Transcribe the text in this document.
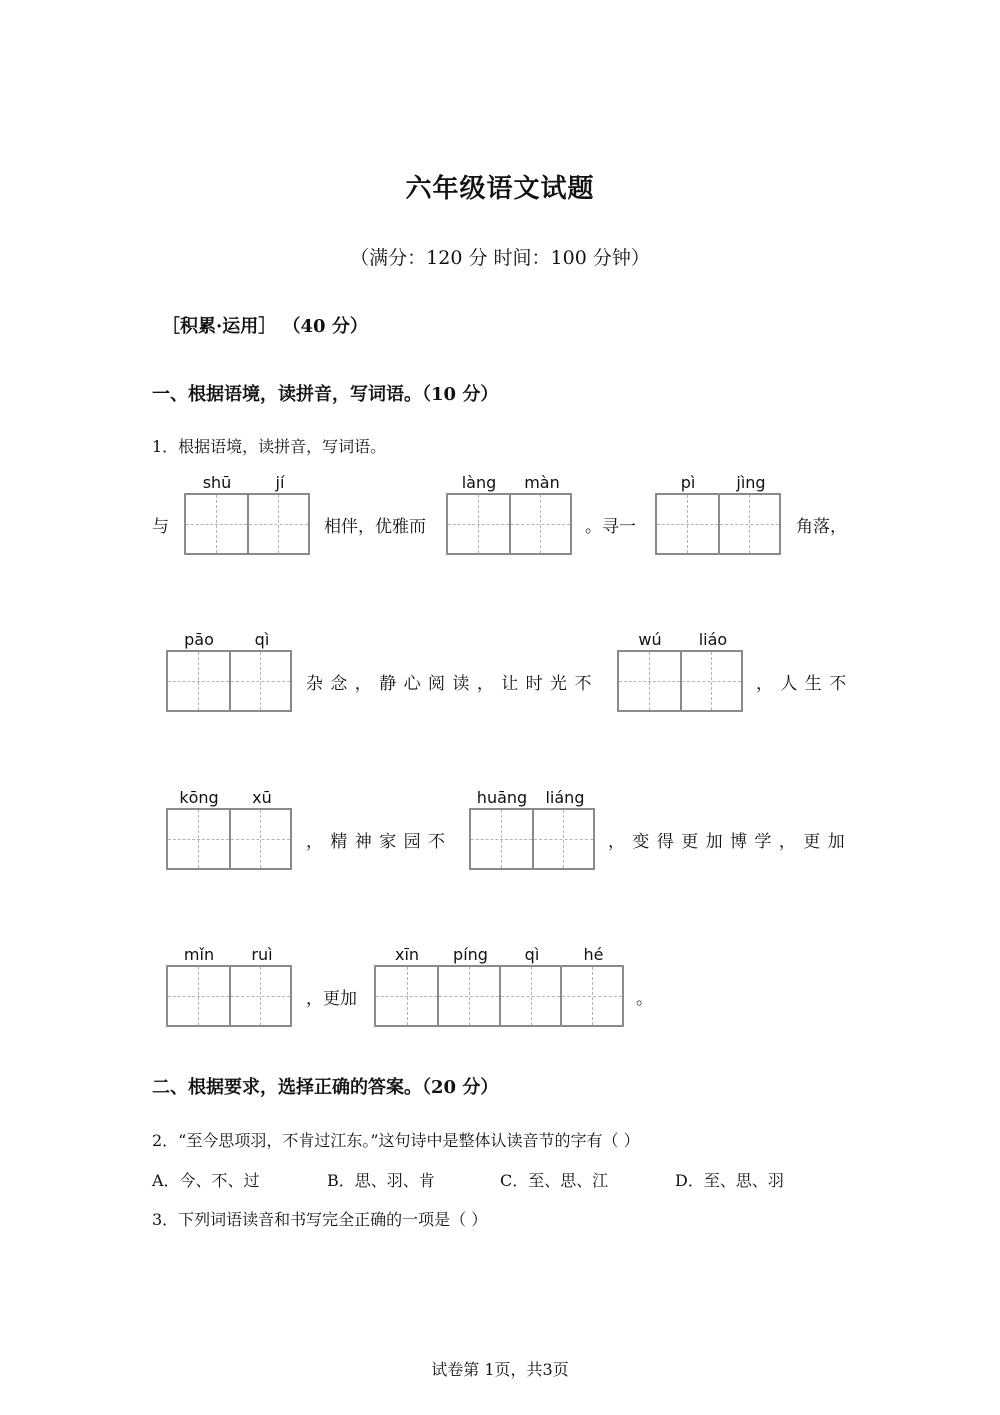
六年级语文试题
（满分：120 分 时间：100 分钟）
［积累·运用］ （40 分）
一、根据语境，读拼音，写词语。（10 分）
1．根据语境，读拼音，写词语。
与
shū	jí
相伴，优雅而
làng	màn
。寻一
pì	jìng
角落，
pāo	qì
杂 念 ， 静 心 阅 读 ， 让 时 光 不
wú	liáo
， 人 生 不
kōng	xū
， 精 神 家 园 不
huāng	liáng
， 变 得 更 加 博 学 ， 更 加
mǐn	ruì
，更加
xīn	píng	qì	hé
。
二、根据要求，选择正确的答案。（20 分）
2．“至今思项羽，不肯过江东。”这句诗中是整体认读音节的字有（ ）
A．今、不、过	B．思、羽、肯	C．至、思、江	D．至、思、羽
3．下列词语读音和书写完全正确的一项是（ ）
试卷第 1页，共3页
